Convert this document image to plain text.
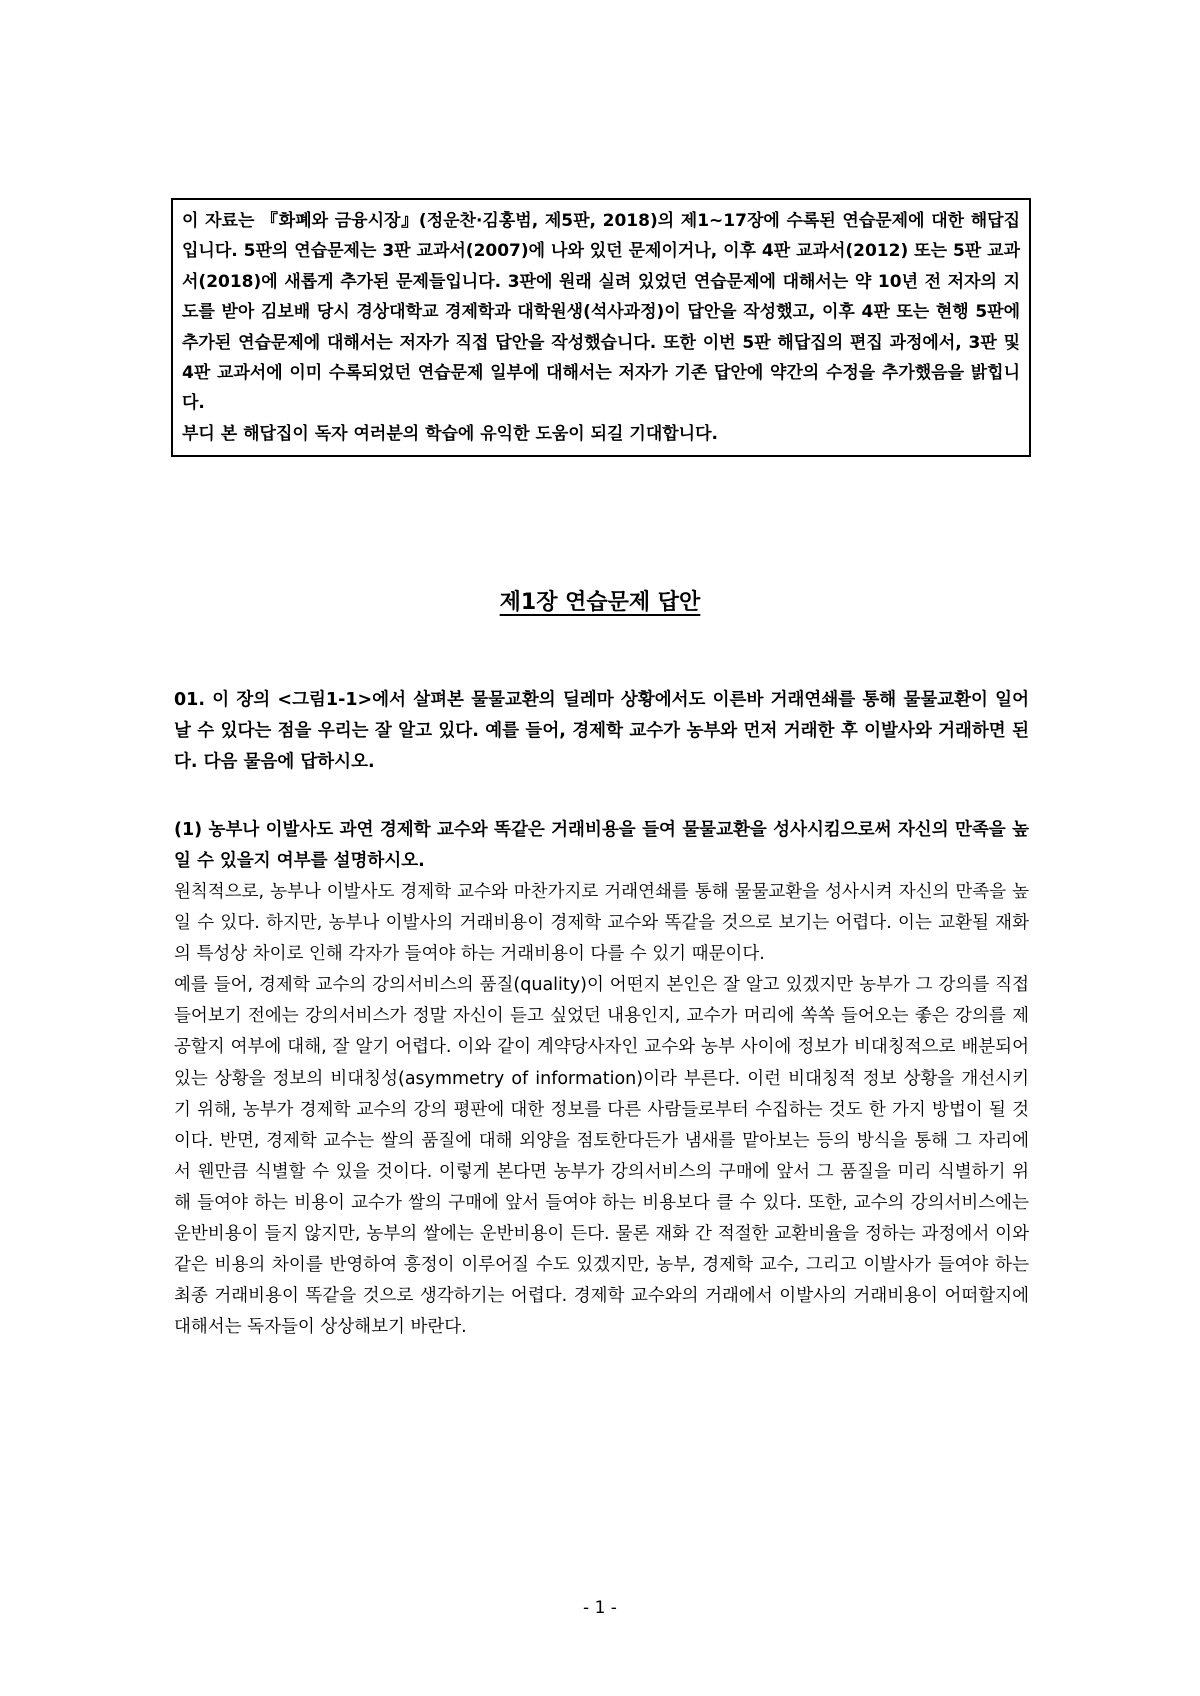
이 자료는 『화폐와 금융시장』(정운찬·김홍범, 제5판, 2018)의 제1~17장에 수록된 연습문제에 대한 해답집입니다. 5판의 연습문제는 3판 교과서(2007)에 나와 있던 문제이거나, 이후 4판 교과서(2012) 또는 5판 교과서(2018)에 새롭게 추가된 문제들입니다. 3판에 원래 실려 있었던 연습문제에 대해서는 약 10년 전 저자의 지도를 받아 김보배 당시 경상대학교 경제학과 대학원생(석사과정)이 답안을 작성했고, 이후 4판 또는 현행 5판에 추가된 연습문제에 대해서는 저자가 직접 답안을 작성했습니다. 또한 이번 5판 해답집의 편집 과정에서, 3판 및 4판 교과서에 이미 수록되었던 연습문제 일부에 대해서는 저자가 기존 답안에 약간의 수정을 추가했음을 밝힙니다.

부디 본 해답집이 독자 여러분의 학습에 유익한 도움이 되길 기대합니다.

제1장 연습문제 답안

01. 이 장의 <그림1-1>에서 살펴본 물물교환의 딜레마 상황에서도 이른바 거래연쇄를 통해 물물교환이 일어날 수 있다는 점을 우리는 잘 알고 있다. 예를 들어, 경제학 교수가 농부와 먼저 거래한 후 이발사와 거래하면 된다. 다음 물음에 답하시오.

(1) 농부나 이발사도 과연 경제학 교수와 똑같은 거래비용을 들여 물물교환을 성사시킴으로써 자신의 만족을 높일 수 있을지 여부를 설명하시오.

원칙적으로, 농부나 이발사도 경제학 교수와 마찬가지로 거래연쇄를 통해 물물교환을 성사시켜 자신의 만족을 높일 수 있다. 하지만, 농부나 이발사의 거래비용이 경제학 교수와 똑같을 것으로 보기는 어렵다. 이는 교환될 재화의 특성상 차이로 인해 각자가 들여야 하는 거래비용이 다를 수 있기 때문이다.

예를 들어, 경제학 교수의 강의서비스의 품질(quality)이 어떤지 본인은 잘 알고 있겠지만 농부가 그 강의를 직접 들어보기 전에는 강의서비스가 정말 자신이 듣고 싶었던 내용인지, 교수가 머리에 쏙쏙 들어오는 좋은 강의를 제공할지 여부에 대해, 잘 알기 어렵다. 이와 같이 계약당사자인 교수와 농부 사이에 정보가 비대칭적으로 배분되어 있는 상황을 정보의 비대칭성(asymmetry of information)이라 부른다. 이런 비대칭적 정보 상황을 개선시키기 위해, 농부가 경제학 교수의 강의 평판에 대한 정보를 다른 사람들로부터 수집하는 것도 한 가지 방법이 될 것이다. 반면, 경제학 교수는 쌀의 품질에 대해 외양을 점토한다든가 냄새를 맡아보는 등의 방식을 통해 그 자리에서 웬만큼 식별할 수 있을 것이다. 이렇게 본다면 농부가 강의서비스의 구매에 앞서 그 품질을 미리 식별하기 위해 들여야 하는 비용이 교수가 쌀의 구매에 앞서 들여야 하는 비용보다 클 수 있다. 또한, 교수의 강의서비스에는 운반비용이 들지 않지만, 농부의 쌀에는 운반비용이 든다. 물론 재화 간 적절한 교환비율을 정하는 과정에서 이와 같은 비용의 차이를 반영하여 흥정이 이루어질 수도 있겠지만, 농부, 경제학 교수, 그리고 이발사가 들여야 하는 최종 거래비용이 똑같을 것으로 생각하기는 어렵다. 경제학 교수와의 거래에서 이발사의 거래비용이 어떠할지에 대해서는 독자들이 상상해보기 바란다.

- 1 -
